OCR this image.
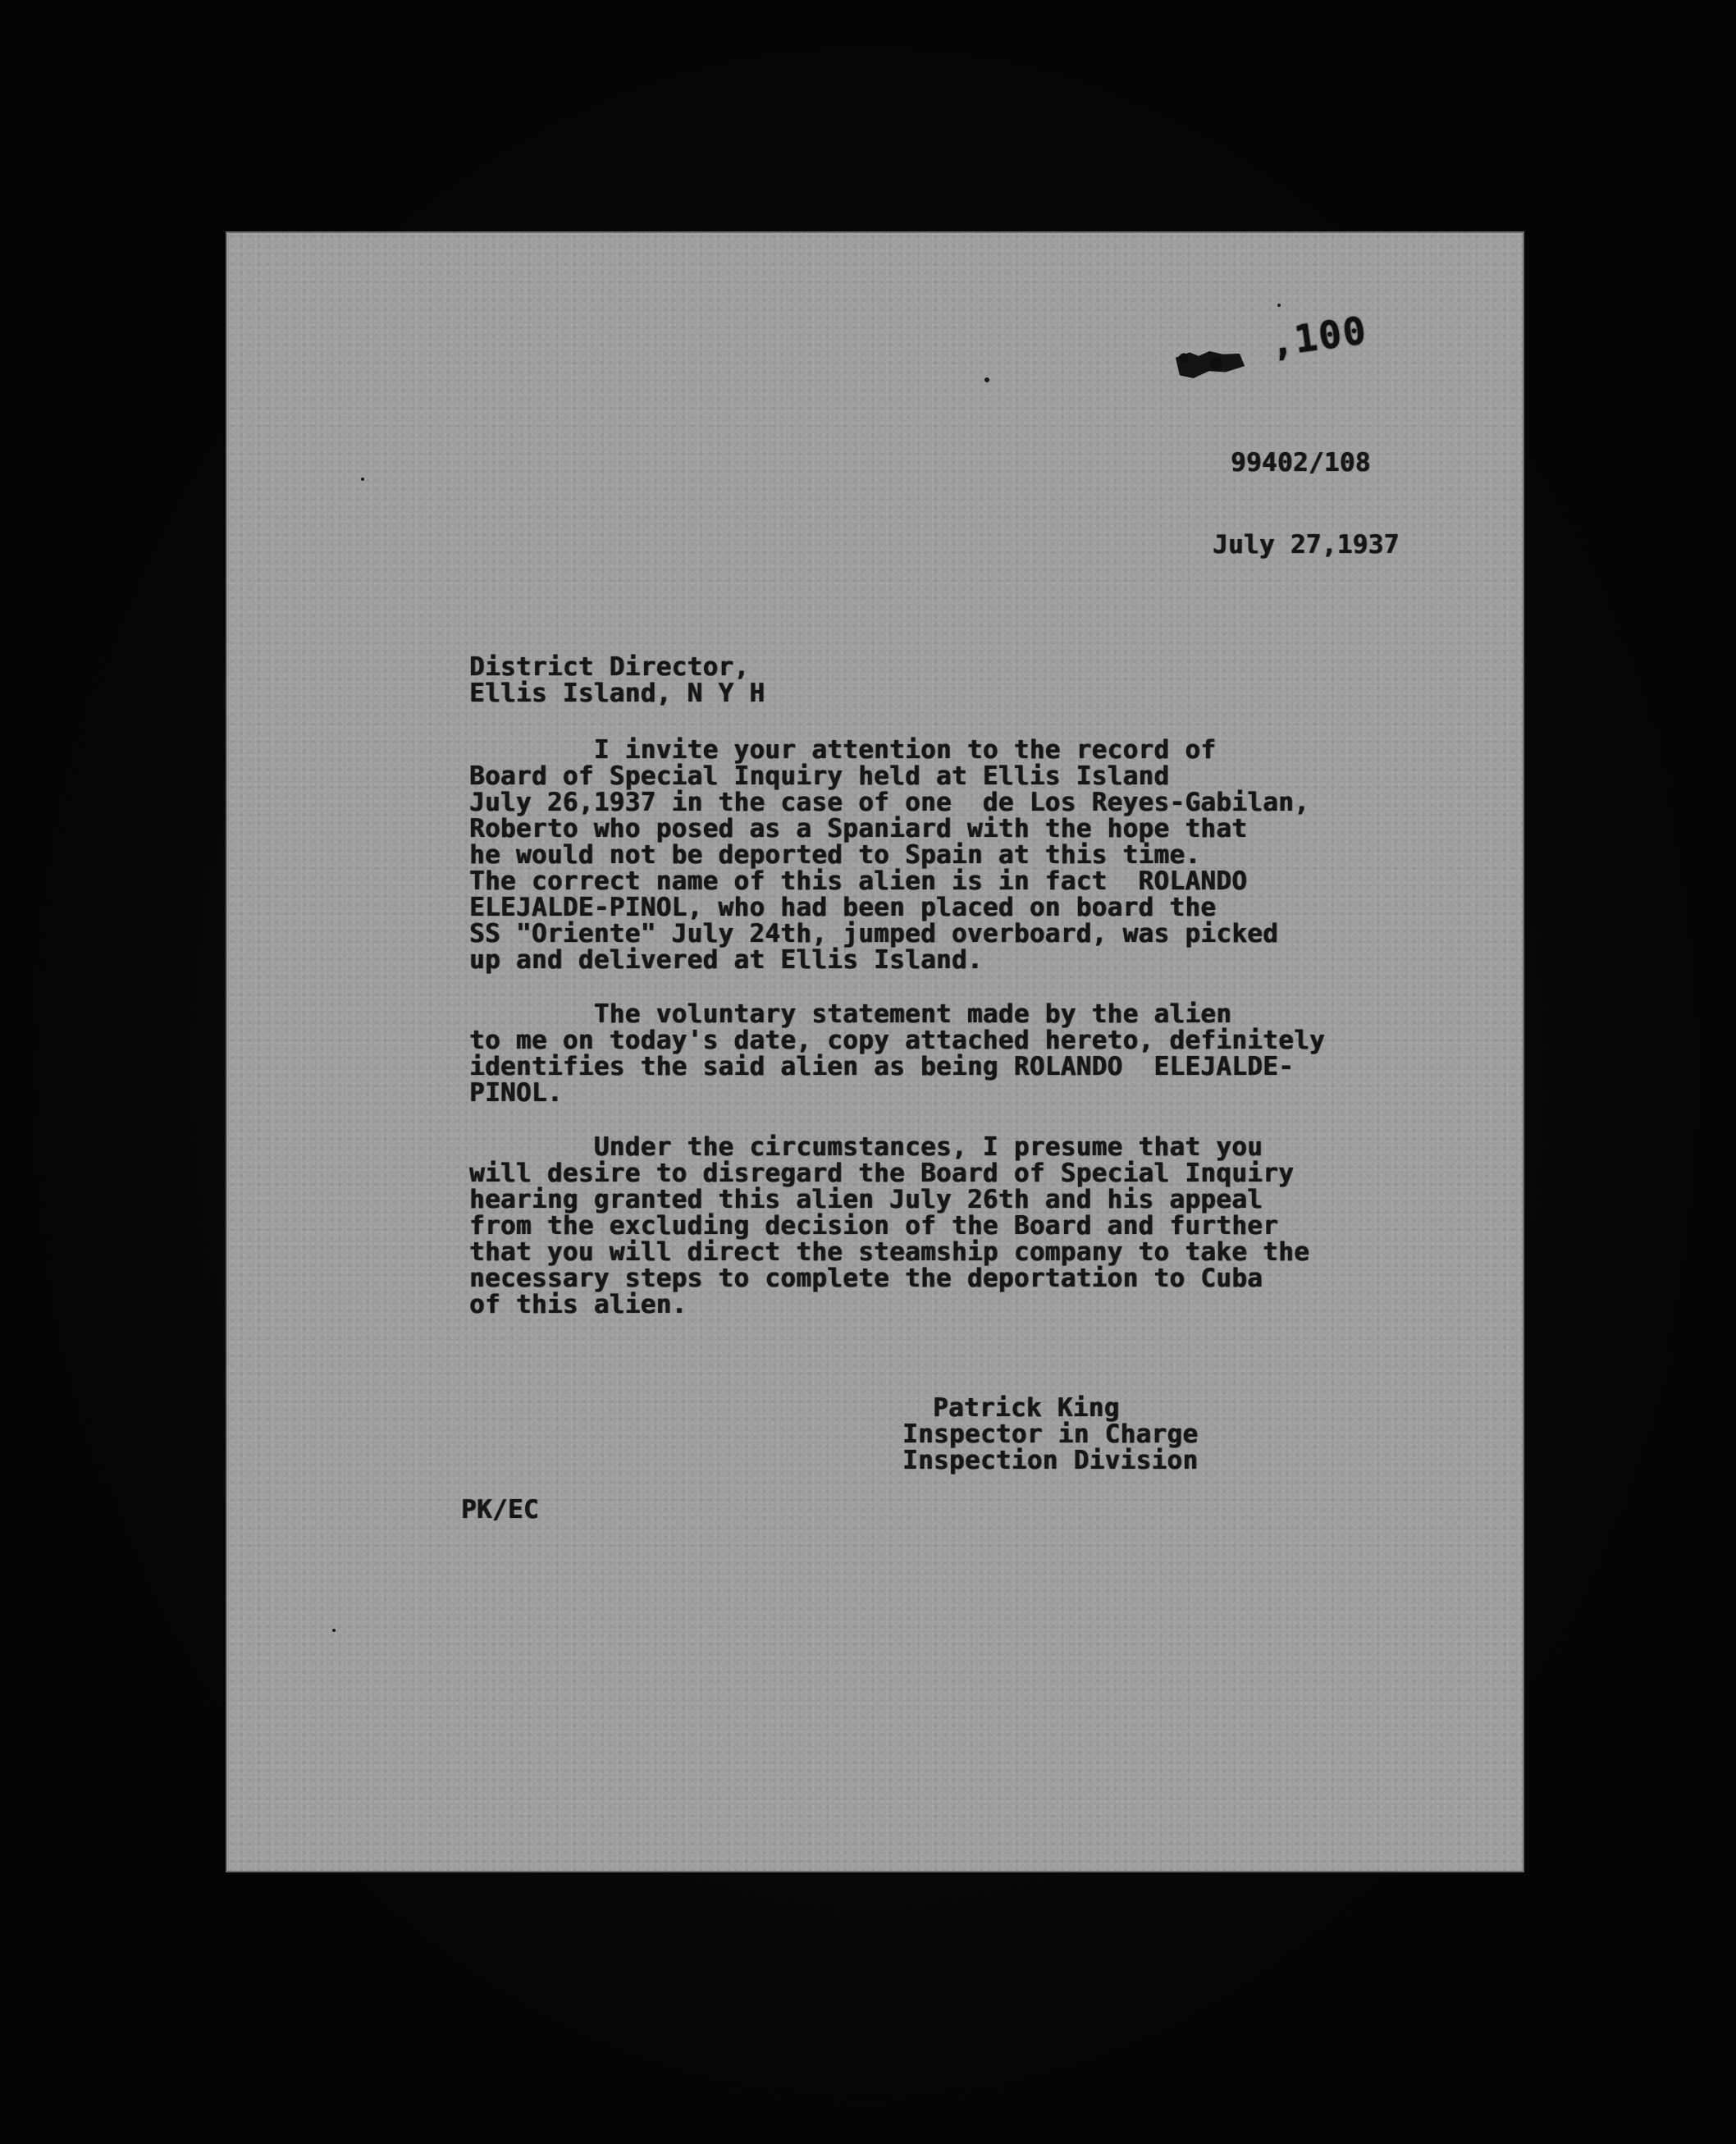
,100
99402/108
July 27,1937
District Director,
Ellis Island, N Y H
I invite your attention to the record of
Board of Special Inquiry held at Ellis Island
July 26,1937 in the case of one  de Los Reyes-Gabilan,
Roberto who posed as a Spaniard with the hope that
he would not be deported to Spain at this time.
The correct name of this alien is in fact  ROLANDO
ELEJALDE-PINOL, who had been placed on board the
SS "Oriente" July 24th, jumped overboard, was picked
up and delivered at Ellis Island.
The voluntary statement made by the alien
to me on today's date, copy attached hereto, definitely
identifies the said alien as being ROLANDO  ELEJALDE-
PINOL.
Under the circumstances, I presume that you
will desire to disregard the Board of Special Inquiry
hearing granted this alien July 26th and his appeal
from the excluding decision of the Board and further
that you will direct the steamship company to take the
necessary steps to complete the deportation to Cuba
of this alien.
Patrick King
Inspector in Charge
Inspection Division
PK/EC
